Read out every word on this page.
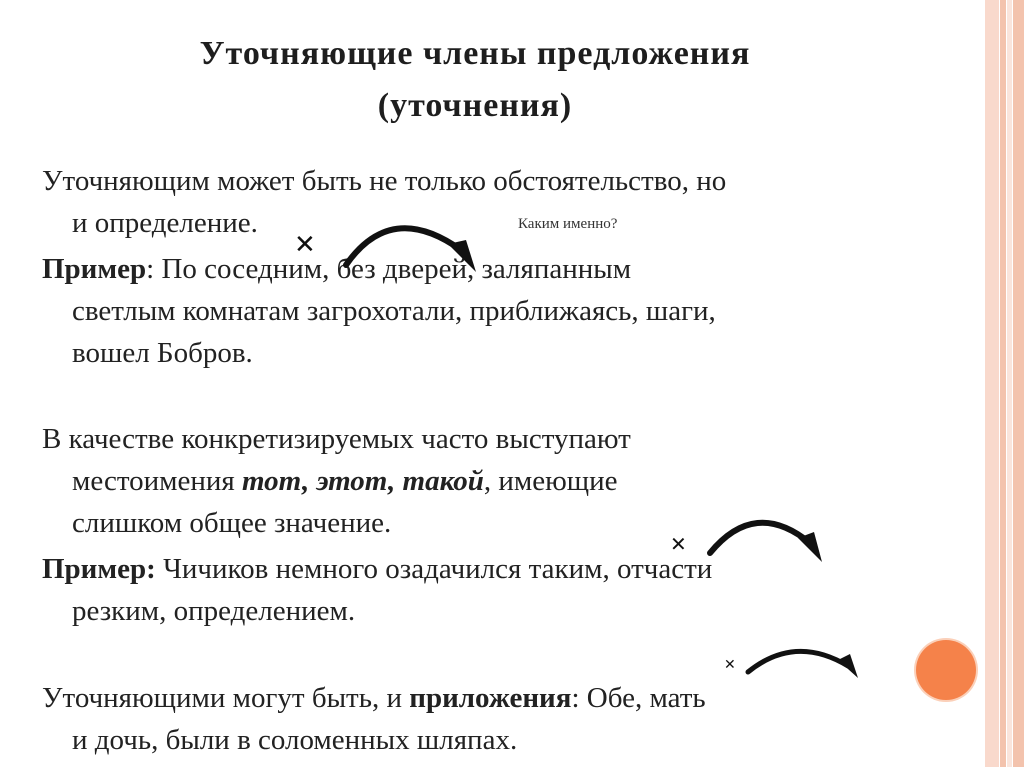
Уточняющие члены предложения
(уточнения)
Уточняющим может быть не только обстоятельство, но
и определение.	Каким именно?
Пример: По соседним, без дверей, заляпанным
светлым комнатам загрохотали, приближаясь, шаги,
вошел Бобров.
В качестве конкретизируемых часто выступают
местоимения тот, этот, такой, имеющие
слишком общее значение.
Пример: Чичиков немного озадачился таким, отчасти
резким, определением.
Уточняющими могут быть, и приложения: Обе, мать
и дочь, были в соломенных шляпах.
✕
✕
✕
